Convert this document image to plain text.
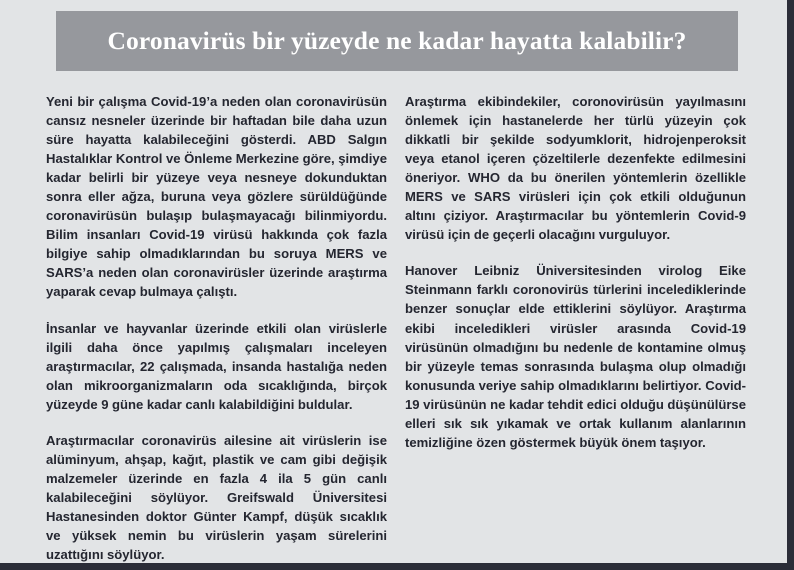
Coronavirüs bir yüzeyde ne kadar hayatta kalabilir?

Yeni bir çalışma Covid-19’a neden olan coronavirüsün cansız nesneler üzerinde bir haftadan bile daha uzun süre hayatta kalabileceğini gösterdi. ABD Salgın Hastalıklar Kontrol ve Önleme Merkezine göre, şimdiye kadar belirli bir yüzeye veya nesneye dokunduktan sonra eller ağza, buruna veya gözlere sürüldüğünde coronavirüsün bulaşıp bulaşmayacağı bilinmiyordu. Bilim insanları Covid-19 virüsü hakkında çok fazla bilgiye sahip olmadıklarından bu soruya MERS ve SARS’a neden olan coronavirüsler üzerinde araştırma yaparak cevap bulmaya çalıştı.

İnsanlar ve hayvanlar üzerinde etkili olan virüslerle ilgili daha önce yapılmış çalışmaları inceleyen araştırmacılar, 22 çalışmada, insanda hastalığa neden olan mikroorganizmaların oda sıcaklığında, birçok yüzeyde 9 güne kadar canlı kalabildiğini buldular.

Araştırmacılar coronavirüs ailesine ait virüslerin ise alüminyum, ahşap, kağıt, plastik ve cam gibi değişik malzemeler üzerinde en fazla 4 ila 5 gün canlı kalabileceğini söylüyor. Greifswald Üniversitesi Hastanesinden doktor Günter Kampf, düşük sıcaklık ve yüksek nemin bu virüslerin yaşam sürelerini uzattığını söylüyor.

Araştırma ekibindekiler, coronovirüsün yayılmasını önlemek için hastanelerde her türlü yüzeyin çok dikkatli bir şekilde sodyumklorit, hidrojenperoksit veya etanol içeren çözeltilerle dezenfekte edilmesini öneriyor. WHO da bu önerilen yöntemlerin özellikle MERS ve SARS virüsleri için çok etkili olduğunun altını çiziyor. Araştırmacılar bu yöntemlerin Covid-9 virüsü için de geçerli olacağını vurguluyor.

Hanover Leibniz Üniversitesinden virolog Eike Steinmann farklı coronovirüs türlerini incelediklerinde benzer sonuçlar elde ettiklerini söylüyor. Araştırma ekibi inceledikleri virüsler arasında Covid-19 virüsünün olmadığını bu nedenle de kontamine olmuş bir yüzeyle temas sonrasında bulaşma olup olmadığı konusunda veriye sahip olmadıklarını belirtiyor. Covid-19 virüsünün ne kadar tehdit edici olduğu düşünülürse elleri sık sık yıkamak ve ortak kullanım alanlarının temizliğine özen göstermek büyük önem taşıyor.
